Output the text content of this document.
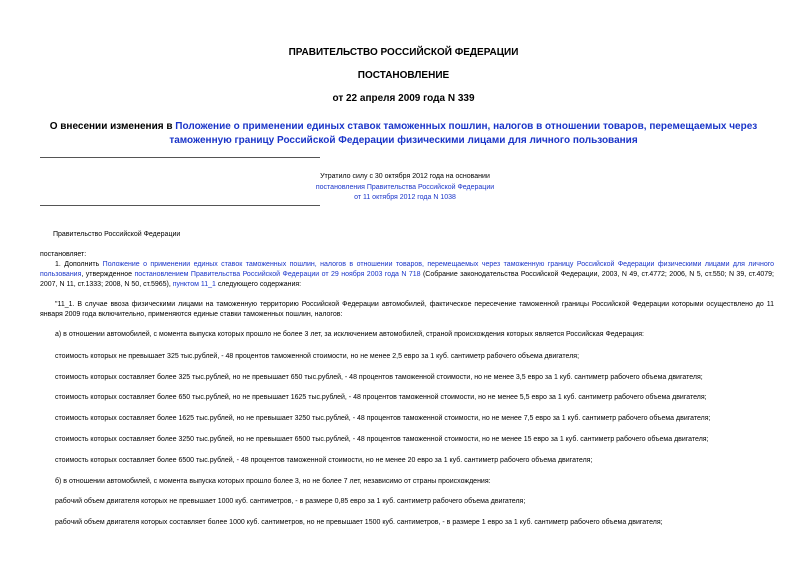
ПРАВИТЕЛЬСТВО РОССИЙСКОЙ ФЕДЕРАЦИИ
ПОСТАНОВЛЕНИЕ
от 22 апреля 2009 года N 339
О внесении изменения в Положение о применении единых ставок таможенных пошлин, налогов в отношении товаров, перемещаемых через таможенную границу Российской Федерации физическими лицами для личного пользования
Утратило силу с 30 октября 2012 года на основании
постановления Правительства Российской Федерации
от 11 октября 2012 года N 1038
Правительство Российской Федерации
постановляет:
1. Дополнить Положение о применении единых ставок таможенных пошлин, налогов в отношении товаров, перемещаемых через таможенную границу Российской Федерации физическими лицами для личного пользования, утвержденное постановлением Правительства Российской Федерации от 29 ноября 2003 года N 718 (Собрание законодательства Российской Федерации, 2003, N 49, ст.4772; 2006, N 5, ст.550; N 39, ст.4079; 2007, N 11, ст.1333; 2008, N 50, ст.5965), пунктом 11_1 следующего содержания:
"11_1. В случае ввоза физическими лицами на таможенную территорию Российской Федерации автомобилей, фактическое пересечение таможенной границы Российской Федерации которыми осуществлено до 11 января 2009 года включительно, применяются единые ставки таможенных пошлин, налогов:
а) в отношении автомобилей, с момента выпуска которых прошло не более 3 лет, за исключением автомобилей, страной происхождения которых является Российская Федерация:
стоимость которых не превышает 325 тыс.рублей, - 48 процентов таможенной стоимости, но не менее 2,5 евро за 1 куб. сантиметр рабочего объема двигателя;
стоимость которых составляет более 325 тыс.рублей, но не превышает 650 тыс.рублей, - 48 процентов таможенной стоимости, но не менее 3,5 евро за 1 куб. сантиметр рабочего объема двигателя;
стоимость которых составляет более 650 тыс.рублей, но не превышает 1625 тыс.рублей, - 48 процентов таможенной стоимости, но не менее 5,5 евро за 1 куб. сантиметр рабочего объема двигателя;
стоимость которых составляет более 1625 тыс.рублей, но не превышает 3250 тыс.рублей, - 48 процентов таможенной стоимости, но не менее 7,5 евро за 1 куб. сантиметр рабочего объема двигателя;
стоимость которых составляет более 3250 тыс.рублей, но не превышает 6500 тыс.рублей, - 48 процентов таможенной стоимости, но не менее 15 евро за 1 куб. сантиметр рабочего объема двигателя;
стоимость которых составляет более 6500 тыс.рублей, - 48 процентов таможенной стоимости, но не менее 20 евро за 1 куб. сантиметр рабочего объема двигателя;
б) в отношении автомобилей, с момента выпуска которых прошло более 3, но не более 7 лет, независимо от страны происхождения:
рабочий объем двигателя которых не превышает 1000 куб. сантиметров, - в размере 0,85 евро за 1 куб. сантиметр рабочего объема двигателя;
рабочий объем двигателя которых составляет более 1000 куб. сантиметров, но не превышает 1500 куб. сантиметров, - в размере 1 евро за 1 куб. сантиметр рабочего объема двигателя;
